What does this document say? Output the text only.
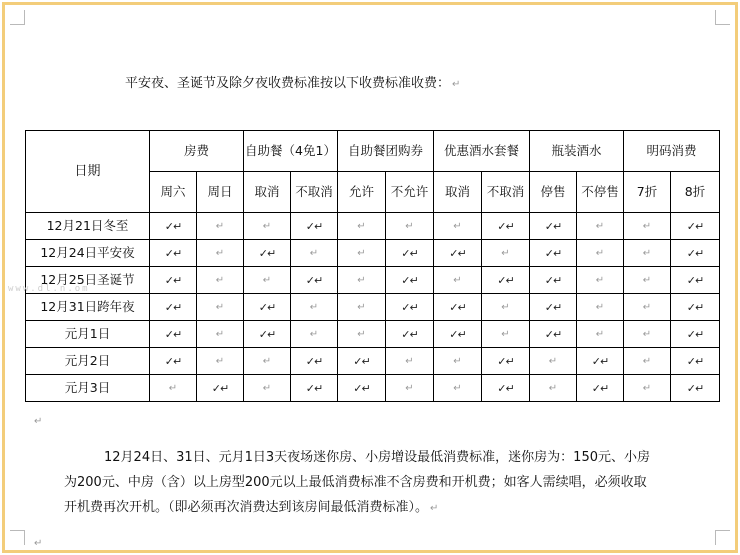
平安夜、圣诞节及除夕夜收费标准按以下收费标准收费： ↵
日期	房费		自助餐（4免1）		自助餐团购券		优惠酒水套餐		瓶装酒水		明码消费	
	周六	周日	取消	不取消	允许	不允许	取消	不取消	停售	不停售	7折	8折
12月21日冬至	✓↵	↵	↵	✓↵	↵	↵	↵	✓↵	✓↵	↵	↵	✓↵
12月24日平安夜	✓↵	↵	✓↵	↵	↵	✓↵	✓↵	↵	✓↵	↵	↵	✓↵
12月25日圣诞节	✓↵	↵	↵	✓↵	↵	✓↵	↵	✓↵	✓↵	↵	↵	✓↵
12月31日跨年夜	✓↵	↵	✓↵	↵	↵	✓↵	✓↵	↵	✓↵	↵	↵	✓↵
元月1日	✓↵	↵	✓↵	↵	↵	✓↵	✓↵	↵	✓↵	↵	↵	✓↵
元月2日	✓↵	↵	↵	✓↵	✓↵	↵	↵	✓↵	↵	✓↵	↵	✓↵
元月3日	↵	✓↵	↵	✓↵	✓↵	↵	↵	✓↵	↵	✓↵	↵	✓↵
www.dl.n.om
↵
12月24日、31日、元月1日3天夜场迷你房、小房增设最低消费标准，迷你房为：150元、小房
为200元、中房（含）以上房型200元以上最低消费标准不含房费和开机费；如客人需续唱，必须收取
开机费再次开机。（即必须再次消费达到该房间最低消费标准）。 ↵
↵
